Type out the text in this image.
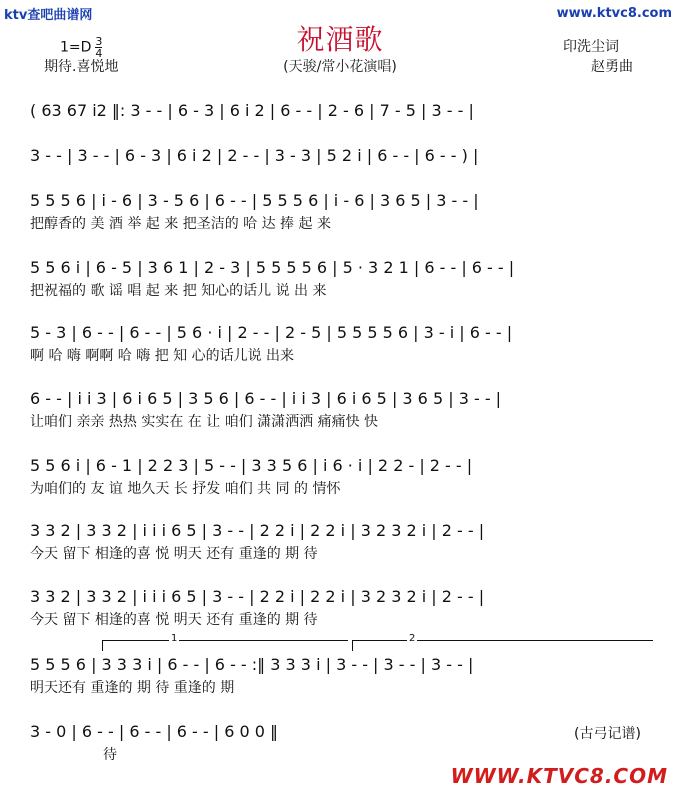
ktv查吧曲谱网	www.ktvc8.com
祝酒歌
(天骏/常小花演唱)
$1=D \frac{3}{4}$
期待.喜悦地
印洗尘词
赵勇曲
( 63 67 i2 ‖: 3 - - | 6 - 3 | 6 i 2 | 6 - - | 2 - 6 | 7 - 5 | 3 - - |
3 - - | 3 - - | 6 - 3 | 6 i 2 | 2 - - | 3 - 3 | 5 2 i | 6 - - | 6 - - ) |
5 5 5 6 | i - 6 | 3 - 5 6 | 6 - - | 5 5 5 6 | i - 6 | 3 6 5 | 3 - - |
把醇香的 美 酒 举 起 来 把圣洁的 哈 达 捧 起 来
5 5 6 i | 6 - 5 | 3 6 1 | 2 - 3 | 5 5 5 5 6 | 5 · 3 2 1 | 6 - - | 6 - - |
把祝福的 歌 谣 唱 起 来 把 知心的话儿 说 出 来
5 - 3 | 6 - - | 6 - - | 5 6 · i | 2 - - | 2 - 5 | 5 5 5 5 6 | 3 - i | 6 - - |
啊 哈 嗨 啊啊 哈 嗨 把 知 心的话儿说 出来
6 - - | i i 3 | 6 i 6 5 | 3 5 6 | 6 - - | i i 3 | 6 i 6 5 | 3 6 5 | 3 - - |
让咱们 亲亲 热热 实实在 在 让 咱们 潇潇洒洒 痛痛快 快
5 5 6 i | 6 - 1 | 2 2 3 | 5 - - | 3 3 5 6 | i 6 · i | 2 2 - | 2 - - |
为咱们的 友 谊 地久天 长 抒发 咱们 共 同 的 情怀
3 3 2 | 3 3 2 | i i i 6 5 | 3 - - | 2 2 i | 2 2 i | 3 2 3 2 i | 2 - - |
今天 留下 相逢的喜 悦 明天 还有 重逢的 期 待
3 3 2 | 3 3 2 | i i i 6 5 | 3 - - | 2 2 i | 2 2 i | 3 2 3 2 i | 2 - - |
今天 留下 相逢的喜 悦 明天 还有 重逢的 期 待
1	2
5 5 5 6 | 3 3 3 i | 6 - - | 6 - - :‖ 3 3 3 i | 3 - - | 3 - - | 3 - - |
明天还有 重逢的 期 待 重逢的 期
3 - 0 | 6 - - | 6 - - | 6 - - | 6 0 0 ‖
待
(古弓记谱)
WWW.KTVC8.COM
